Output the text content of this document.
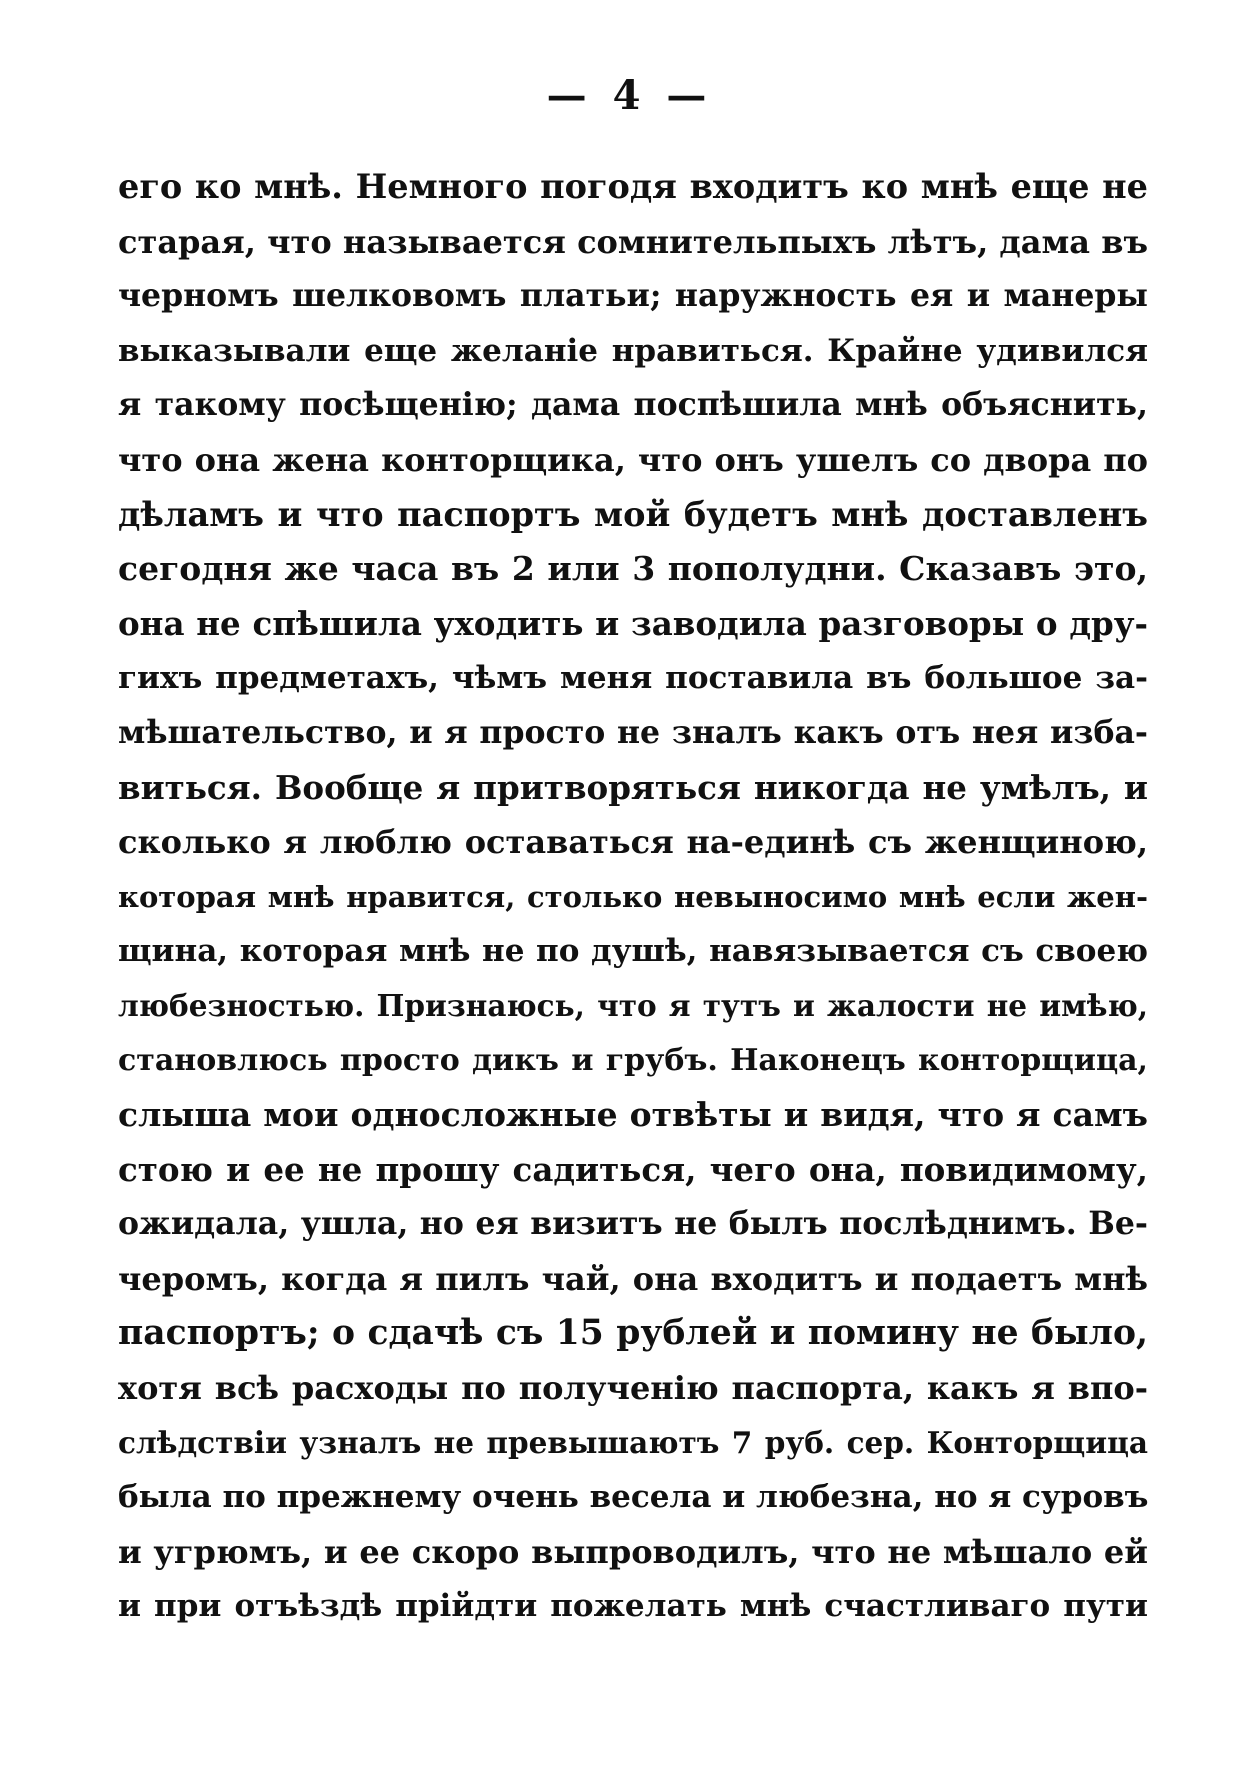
— 4 —
его ко мнѣ. Немного погодя входитъ ко мнѣ еще не
старая, что называется сомнительпыхъ лѣтъ, дама въ
черномъ шелковомъ платьи; наружность ея и манеры
выказывали еще желаніе нравиться. Крайне удивился
я такому посѣщенію; дама поспѣшила мнѣ объяснить,
что она жена конторщика, что онъ ушелъ со двора по
дѣламъ и что паспортъ мой будетъ мнѣ доставленъ
сегодня же часа въ 2 или 3 пополудни. Сказавъ это,
она не спѣшила уходить и заводила разговоры о дру-
гихъ предметахъ, чѣмъ меня поставила въ большое за-
мѣшательство, и я просто не зналъ какъ отъ нея изба-
виться. Вообще я притворяться никогда не умѣлъ, и
сколько я люблю оставаться на-единѣ съ женщиною,
которая мнѣ нравится, столько невыносимо мнѣ если жен-
щина, которая мнѣ не по душѣ, навязывается съ своею
любезностью. Признаюсь, что я тутъ и жалости не имѣю,
становлюсь просто дикъ и грубъ. Наконецъ конторщица,
слыша мои односложные отвѣты и видя, что я самъ
стою и ее не прошу садиться, чего она, повидимому,
ожидала, ушла, но ея визитъ не былъ послѣднимъ. Ве-
черомъ, когда я пилъ чай, она входитъ и подаетъ мнѣ
паспортъ; о сдачѣ съ 15 рублей и помину не было,
хотя всѣ расходы по полученію паспорта, какъ я впо-
слѣдствіи узналъ не превышаютъ 7 руб. сер. Конторщица
была по прежнему очень весела и любезна, но я суровъ
и угрюмъ, и ее скоро выпроводилъ, что не мѣшало ей
и при отъѣздѣ прійдти пожелать мнѣ счастливаго пути
